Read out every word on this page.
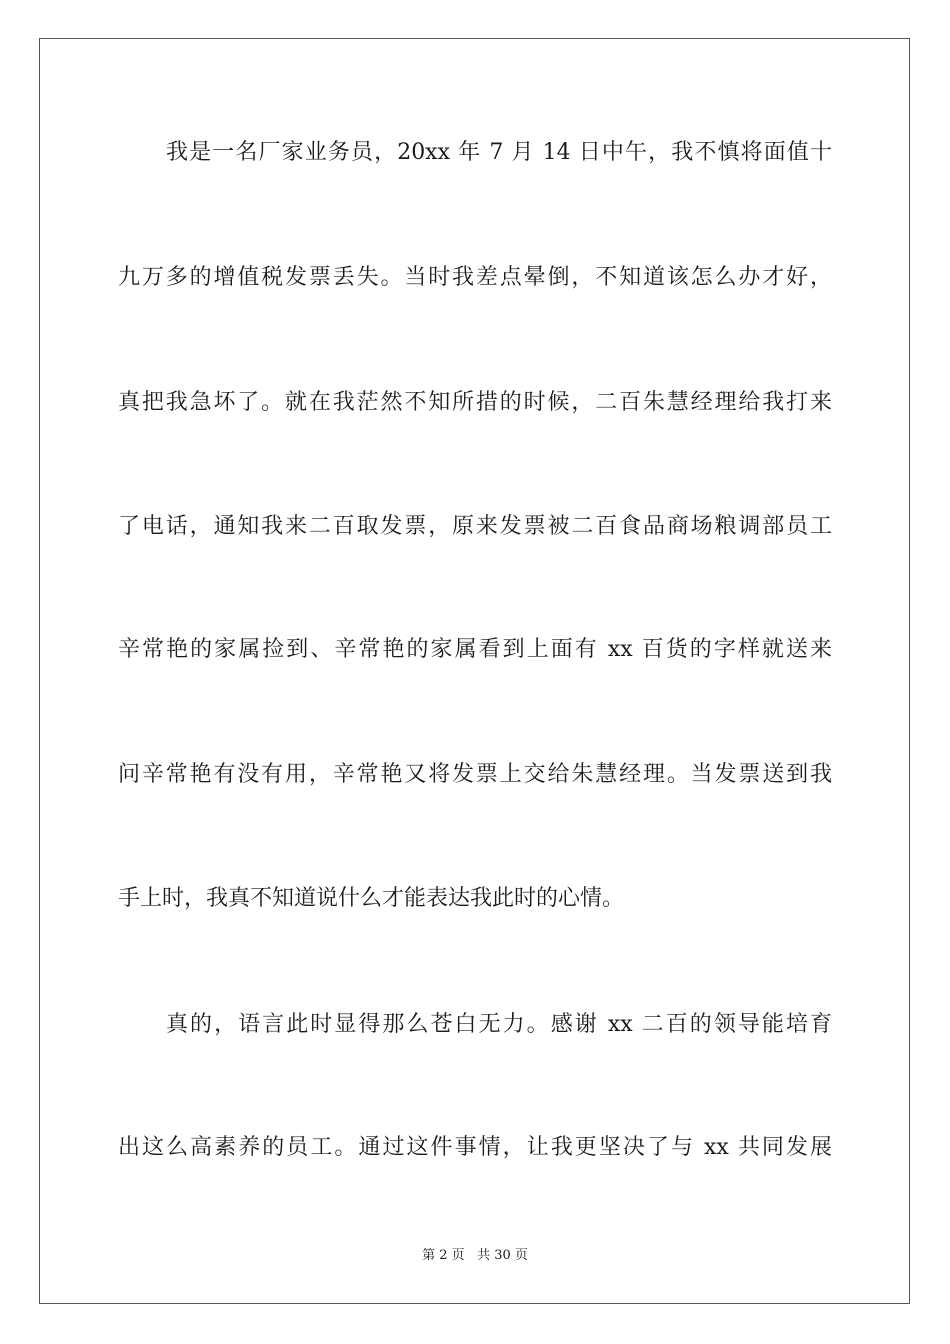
我是一名厂家业务员，20xx 年 7 月 14 日中午，我不慎将面值十
九万多的增值税发票丢失。当时我差点晕倒，不知道该怎么办才好，
真把我急坏了。就在我茫然不知所措的时候，二百朱慧经理给我打来
了电话，通知我来二百取发票，原来发票被二百食品商场粮调部员工
辛常艳的家属捡到、辛常艳的家属看到上面有 xx 百货的字样就送来
问辛常艳有没有用，辛常艳又将发票上交给朱慧经理。当发票送到我
手上时，我真不知道说什么才能表达我此时的心情。
真的，语言此时显得那么苍白无力。感谢 xx 二百的领导能培育
出这么高素养的员工。通过这件事情，让我更坚决了与 xx 共同发展
第 2 页 共 30 页
